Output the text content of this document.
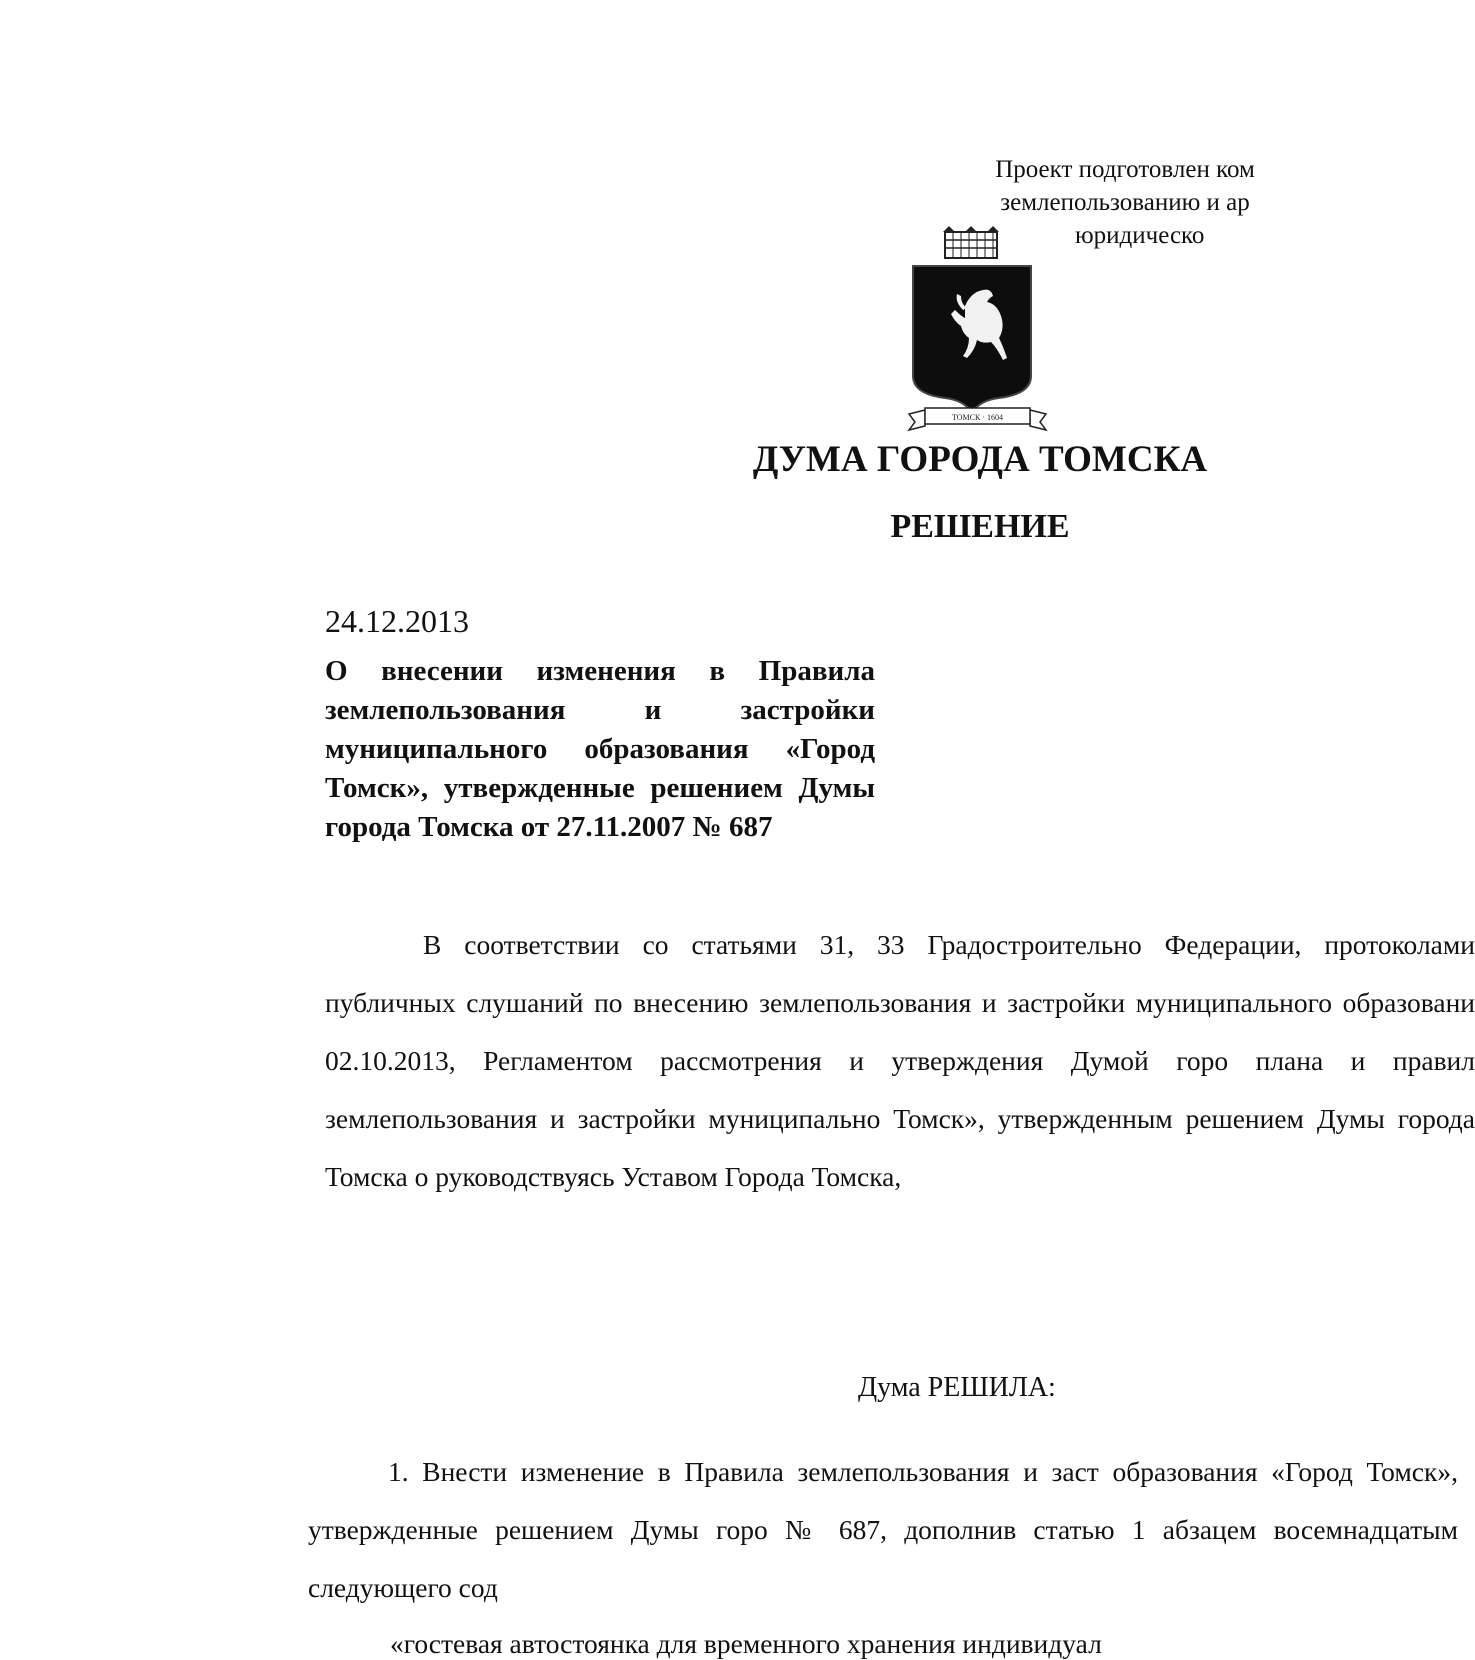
Проект подготовлен ком
землепользованию и ар
юридическо
ТОМСК · 1604
ДУМА ГОРОДА ТОМСКА
РЕШЕНИЕ
24.12.2013
О внесении изменения в Правила землепользования и застройки муниципального образования «Город Томск», утвержденные решением Думы города Томска от 27.11.2007 № 687
В соответствии со статьями 31, 33 Градостроительно Федерации, протоколами публичных слушаний по внесению землепользования и застройки муниципального образовани 02.10.2013, Регламентом рассмотрения и утверждения Думой горо плана и правил землепользования и застройки муниципально Томск», утвержденным решением Думы города Томска о руководствуясь Уставом Города Томска,
Дума РЕШИЛА:
1. Внести изменение в Правила землепользования и заст образования «Город Томск», утвержденные решением Думы горо № 687, дополнив статью 1 абзацем восемнадцатым следующего сод
«гостевая автостоянка для временного хранения индивидуал
